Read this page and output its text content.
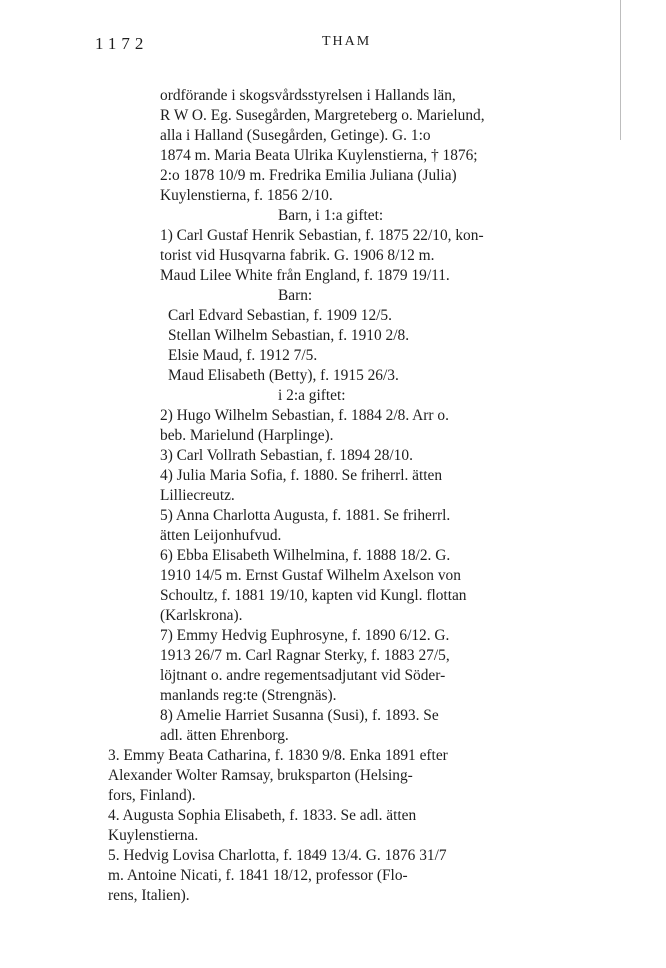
1172	THAM
ordförande i skogsvårdsstyrelsen i Hallands län,
R W O. Eg. Susegården, Margreteberg o. Marielund,
alla i Halland (Susegården, Getinge). G. 1:o
1874 m. Maria Beata Ulrika Kuylenstierna, † 1876;
2:o 1878 10/9 m. Fredrika Emilia Juliana (Julia)
Kuylenstierna, f. 1856 2/10.
Barn, i 1:a giftet:
1) Carl Gustaf Henrik Sebastian, f. 1875 22/10, kon-
torist vid Husqvarna fabrik. G. 1906 8/12 m.
Maud Lilee White från England, f. 1879 19/11.
Barn:
Carl Edvard Sebastian, f. 1909 12/5.
Stellan Wilhelm Sebastian, f. 1910 2/8.
Elsie Maud, f. 1912 7/5.
Maud Elisabeth (Betty), f. 1915 26/3.
i 2:a giftet:
2) Hugo Wilhelm Sebastian, f. 1884 2/8. Arr o.
beb. Marielund (Harplinge).
3) Carl Vollrath Sebastian, f. 1894 28/10.
4) Julia Maria Sofia, f. 1880. Se friherrl. ätten
Lilliecreutz.
5) Anna Charlotta Augusta, f. 1881. Se friherrl.
ätten Leijonhufvud.
6) Ebba Elisabeth Wilhelmina, f. 1888 18/2. G.
1910 14/5 m. Ernst Gustaf Wilhelm Axelson von
Schoultz, f. 1881 19/10, kapten vid Kungl. flottan
(Karlskrona).
7) Emmy Hedvig Euphrosyne, f. 1890 6/12. G.
1913 26/7 m. Carl Ragnar Sterky, f. 1883 27/5,
löjtnant o. andre regementsadjutant vid Söder-
manlands reg:te (Strengnäs).
8) Amelie Harriet Susanna (Susi), f. 1893. Se
adl. ätten Ehrenborg.
3. Emmy Beata Catharina, f. 1830 9/8. Enka 1891 efter
Alexander Wolter Ramsay, bruksparton (Helsing-
fors, Finland).
4. Augusta Sophia Elisabeth, f. 1833. Se adl. ätten
Kuylenstierna.
5. Hedvig Lovisa Charlotta, f. 1849 13/4. G. 1876 31/7
m. Antoine Nicati, f. 1841 18/12, professor (Flo-
rens, Italien).
